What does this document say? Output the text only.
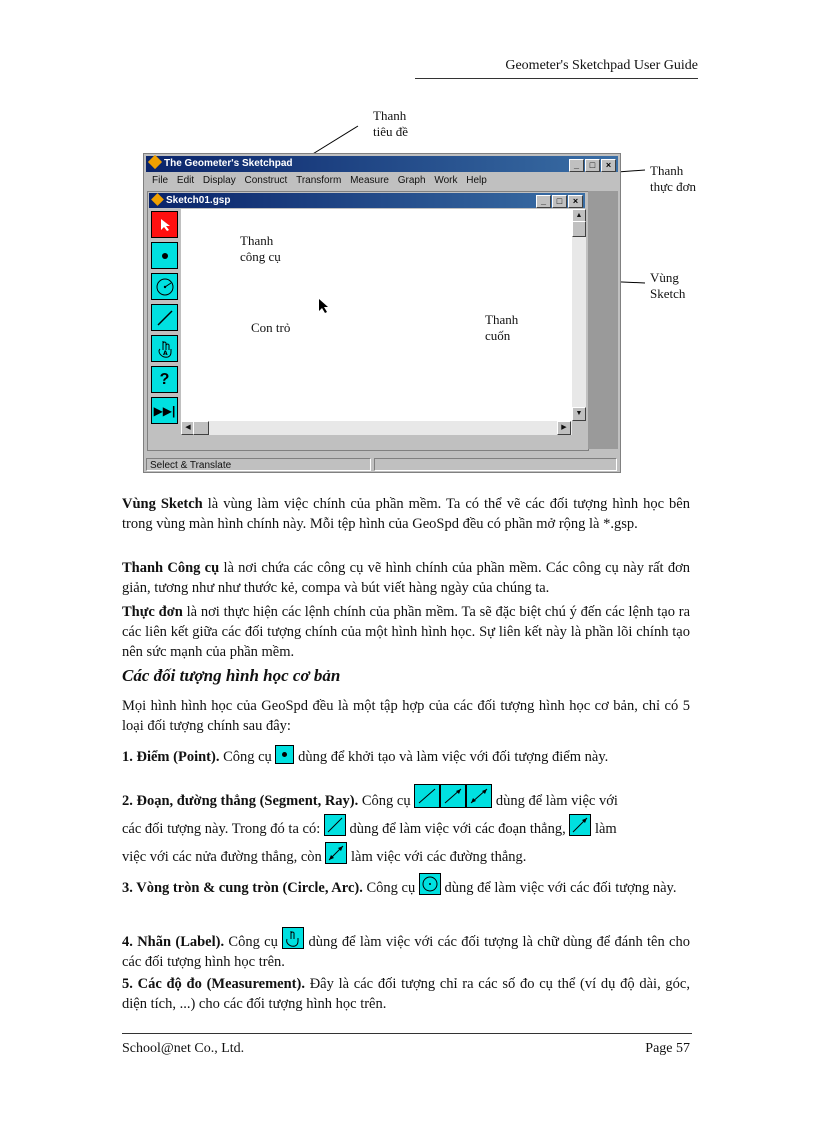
Geometer's Sketchpad User Guide
Thanh
tiêu đề
Thanh
thực đơn
Vùng
Sketch
The Geometer's Sketchpad	_ □ ×
File Edit Display Construct Transform Measure Graph Work Help
Sketch01.gsp	_ □ ×
A
?
▶▶|
Thanh
công cụ
Con trỏ
Thanh
cuốn
▲
▼
◀	▶
Select & Translate
Vùng Sketch là vùng làm việc chính của phần mềm. Ta có thể vẽ các đối tượng hình học bên trong vùng màn hình chính này. Mỗi tệp hình của GeoSpd đều có phần mở rộng là *.gsp.
Thanh Công cụ là nơi chứa các công cụ vẽ hình chính của phần mềm. Các công cụ này rất đơn giản, tương như như thước kẻ, compa và bút viết hàng ngày của chúng ta.
Thực đơn là nơi thực hiện các lệnh chính của phần mềm. Ta sẽ đặc biệt chú ý đến các lệnh tạo ra các liên kết giữa các đối tượng chính của một hình hình học. Sự liên kết này là phần lõi chính tạo nên sức mạnh của phần mềm.
Các đối tượng hình học cơ bản
Mọi hình hình học của GeoSpd đều là một tập hợp của các đối tượng hình học cơ bản, chỉ có 5 loại đối tượng chính sau đây:
1. Điểm (Point). Công cụ
dùng để khởi tạo và làm việc với đối tượng điểm này.
2. Đoạn, đường thẳng (Segment, Ray). Công cụ	dùng để làm việc với
các đối tượng này. Trong đó ta có:
dùng để làm việc với các đoạn thẳng,
làm
việc với các nửa đường thẳng, còn
làm việc với các đường thẳng.
3. Vòng tròn & cung tròn (Circle, Arc). Công cụ
dùng để làm việc với các đối tượng này.
4. Nhãn (Label). Công cụ
dùng để làm việc với các đối tượng là chữ dùng để đánh tên cho các đối tượng hình học trên.
5. Các độ đo (Measurement). Đây là các đối tượng chỉ ra các số đo cụ thể (ví dụ độ dài, góc, diện tích, ...) cho các đối tượng hình học trên.
School@net Co., Ltd.	Page 57
